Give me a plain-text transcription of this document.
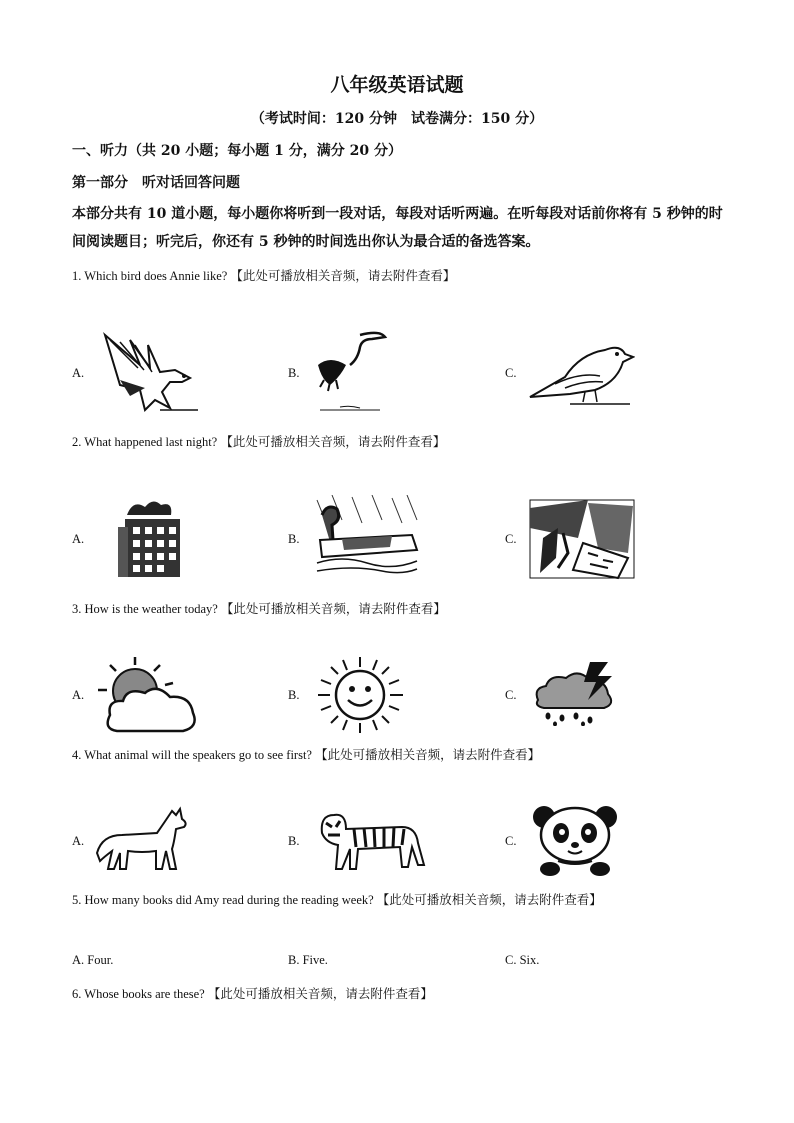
八年级英语试题
（考试时间：120 分钟　试卷满分：150 分）
一、听力（共 20 小题；每小题 1 分，满分 20 分）
第一部分　听对话回答问题
本部分共有 10 道小题，每小题你将听到一段对话，每段对话听两遍。在听每段对话前你将有 5 秒钟的时间阅读题目；听完后，你还有 5 秒钟的时间选出你认为最合适的备选答案。
1. Which bird does Annie like? 【此处可播放相关音频，请去附件查看】
A.	B.	C.
2. What happened last night? 【此处可播放相关音频，请去附件查看】
A.	B.	C.
3. How is the weather today? 【此处可播放相关音频，请去附件查看】
A.	B.	C.
4. What animal will the speakers go to see first? 【此处可播放相关音频，请去附件查看】
A.	B.	C.
5. How many books did Amy read during the reading week? 【此处可播放相关音频，请去附件查看】
A. Four.	B. Five.	C. Six.
6. Whose books are these? 【此处可播放相关音频，请去附件查看】
